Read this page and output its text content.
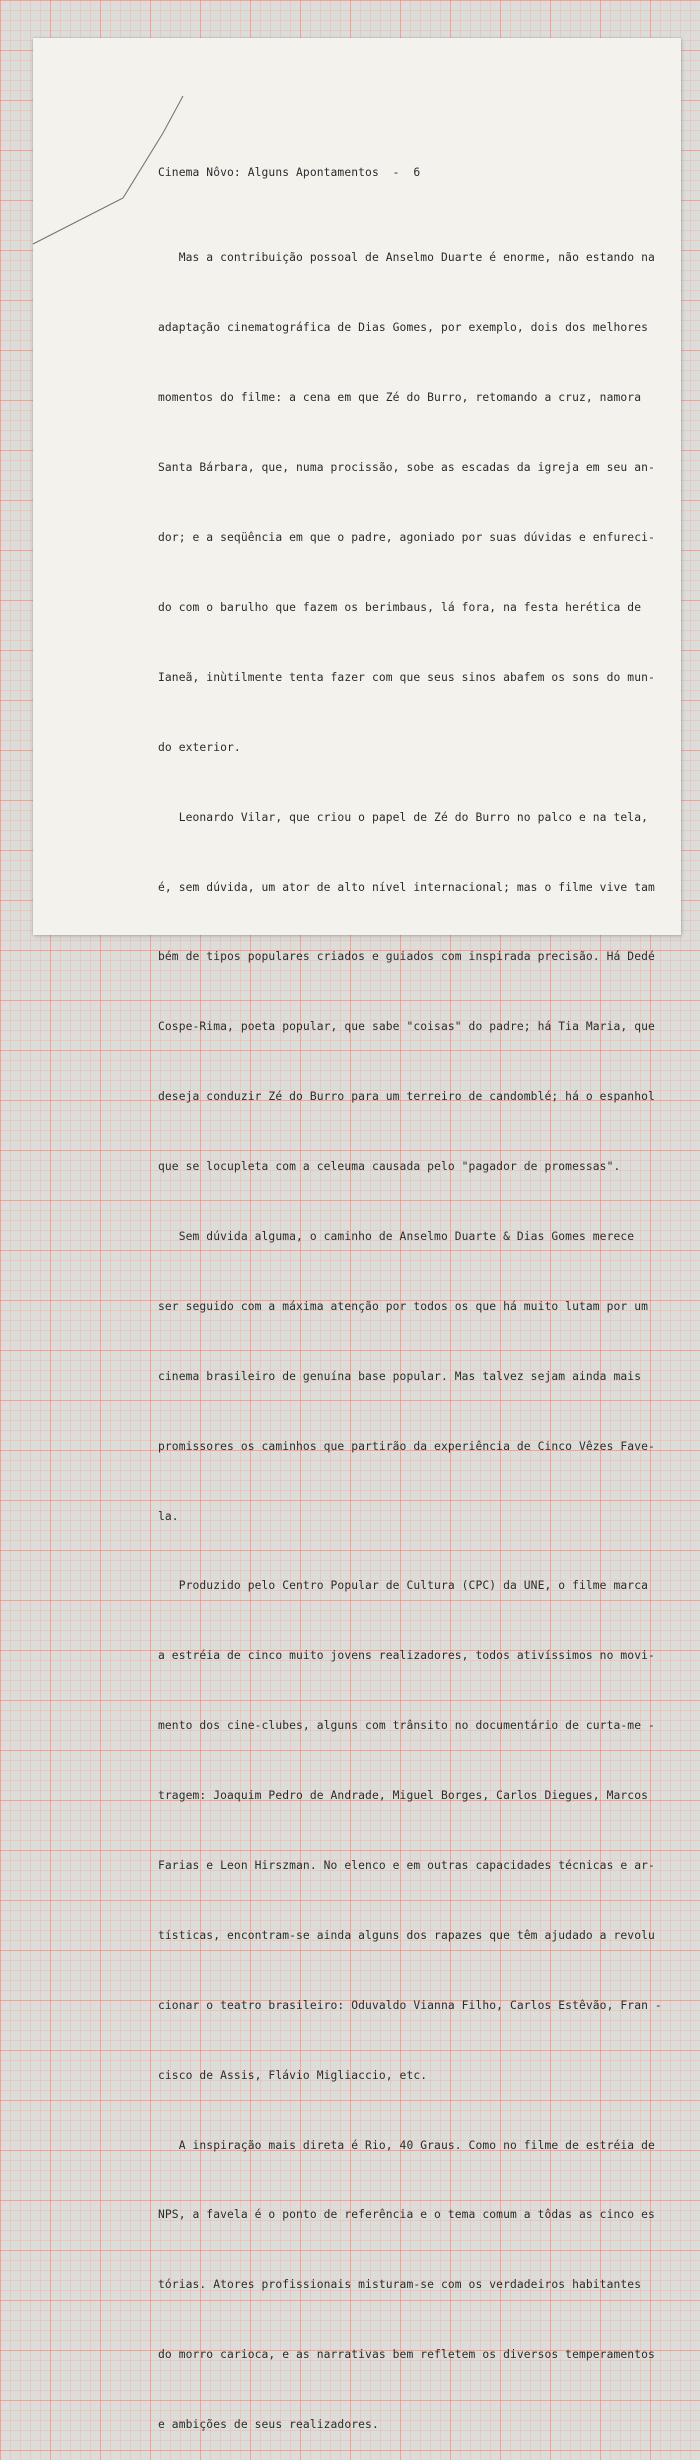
Cinema Nôvo: Alguns Apontamentos  -  6

Mas a contribuição possoal de Anselmo Duarte é enorme, não estando na

adaptação cinematográfica de Dias Gomes, por exemplo, dois dos melhores

momentos do filme: a cena em que Zé do Burro, retomando a cruz, namora

Santa Bárbara, que, numa procissão, sobe as escadas da igreja em seu an-

dor; e a seqüência em que o padre, agoniado por suas dúvidas e enfureci-

do com o barulho que fazem os berimbaus, lá fora, na festa herética de

Ianeã, inùtilmente tenta fazer com que seus sinos abafem os sons do mun-

do exterior.

Leonardo Vilar, que criou o papel de Zé do Burro no palco e na tela,

é, sem dúvida, um ator de alto nível internacional; mas o filme vive tam

bém de tipos populares criados e guiados com inspirada precisão. Há Dedé

Cospe-Rima, poeta popular, que sabe "coisas" do padre; há Tia Maria, que

deseja conduzir Zé do Burro para um terreiro de candomblé; há o espanhol

que se locupleta com a celeuma causada pelo "pagador de promessas".

Sem dúvida alguma, o caminho de Anselmo Duarte & Dias Gomes merece

ser seguido com a máxima atenção por todos os que há muito lutam por um

cinema brasileiro de genuína base popular. Mas talvez sejam ainda mais

promissores os caminhos que partirão da experiência de Cinco Vêzes Fave-

la.

Produzido pelo Centro Popular de Cultura (CPC) da UNE, o filme marca

a estréia de cinco muito jovens realizadores, todos ativíssimos no movi-

mento dos cine-clubes, alguns com trânsito no documentário de curta-me -

tragem: Joaquim Pedro de Andrade, Miguel Borges, Carlos Diegues, Marcos

Farias e Leon Hirszman. No elenco e em outras capacidades técnicas e ar-

tísticas, encontram-se ainda alguns dos rapazes que têm ajudado a revolu

cionar o teatro brasileiro: Oduvaldo Vianna Filho, Carlos Estêvão, Fran -

cisco de Assis, Flávio Migliaccio, etc.

A inspiração mais direta é Rio, 40 Graus. Como no filme de estréia de

NPS, a favela é o ponto de referência e o tema comum a tôdas as cinco es

tórias. Atores profissionais misturam-se com os verdadeiros habitantes

do morro carioca, e as narrativas bem refletem os diversos temperamentos

e ambições de seus realizadores.
